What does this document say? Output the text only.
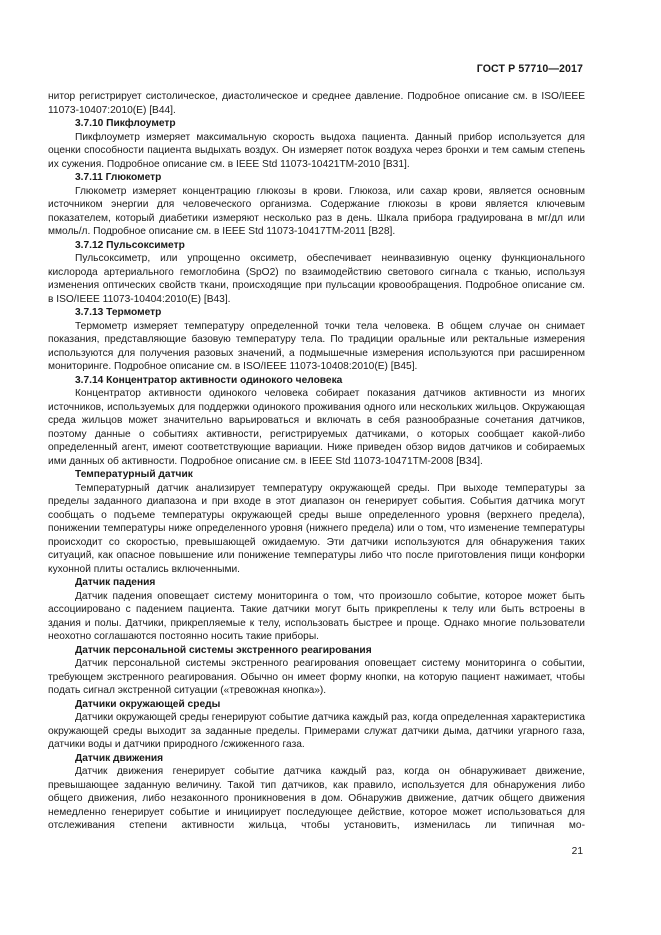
ГОСТ Р 57710—2017

нитор регистрирует систолическое, диастолическое и среднее давление. Подробное описание см. в ISO/IEEE 11073-10407:2010(E) [B44].

3.7.10 Пикфлоуметр

Пикфлоуметр измеряет максимальную скорость выдоха пациента. Данный прибор используется для оценки способности пациента выдыхать воздух. Он измеряет поток воздуха через бронхи и тем самым степень их сужения. Подробное описание см. в IEEE Std 11073-10421TM-2010 [B31].

3.7.11 Глюкометр

Глюкометр измеряет концентрацию глюкозы в крови. Глюкоза, или сахар крови, является основным источником энергии для человеческого организма. Содержание глюкозы в крови является ключевым показателем, который диабетики измеряют несколько раз в день. Шкала прибора градуирована в мг/дл или ммоль/л. Подробное описание см. в IEEE Std 11073-10417TM-2011 [B28].

3.7.12 Пульсоксиметр

Пульсоксиметр, или упрощенно оксиметр, обеспечивает неинвазивную оценку функционального кислорода артериального гемоглобина (SpO2) по взаимодействию светового сигнала с тканью, используя изменения оптических свойств ткани, происходящие при пульсации кровообращения. Подробное описание см. в ISO/IEEE 11073-10404:2010(E) [B43].

3.7.13 Термометр

Термометр измеряет температуру определенной точки тела человека. В общем случае он снимает показания, представляющие базовую температуру тела. По традиции оральные или ректальные измерения используются для получения разовых значений, а подмышечные измерения используются при расширенном мониторинге. Подробное описание см. в ISO/IEEE 11073-10408:2010(E) [B45].

3.7.14 Концентратор активности одинокого человека

Концентратор активности одинокого человека собирает показания датчиков активности из многих источников, используемых для поддержки одинокого проживания одного или нескольких жильцов. Окружающая среда жильцов может значительно варьироваться и включать в себя разнообразные сочетания датчиков, поэтому данные о событиях активности, регистрируемых датчиками, о которых сообщает какой-либо определенный агент, имеют соответствующие вариации. Ниже приведен обзор видов датчиков и собираемых ими данных об активности. Подробное описание см. в IEEE Std 11073-10471TM-2008 [B34].

Температурный датчик

Температурный датчик анализирует температуру окружающей среды. При выходе температуры за пределы заданного диапазона и при входе в этот диапазон он генерирует события. События датчика могут сообщать о подъеме температуры окружающей среды выше определенного уровня (верхнего предела), понижении температуры ниже определенного уровня (нижнего предела) или о том, что изменение температуры происходит со скоростью, превышающей ожидаемую. Эти датчики используются для обнаружения таких ситуаций, как опасное повышение или понижение температуры либо что после приготовления пищи конфорки кухонной плиты остались включенными.

Датчик падения

Датчик падения оповещает систему мониторинга о том, что произошло событие, которое может быть ассоциировано с падением пациента. Такие датчики могут быть прикреплены к телу или быть встроены в здания и полы. Датчики, прикрепляемые к телу, использовать быстрее и проще. Однако многие пользователи неохотно соглашаются постоянно носить такие приборы.

Датчик персональной системы экстренного реагирования

Датчик персональной системы экстренного реагирования оповещает систему мониторинга о событии, требующем экстренного реагирования. Обычно он имеет форму кнопки, на которую пациент нажимает, чтобы подать сигнал экстренной ситуации («тревожная кнопка»).

Датчики окружающей среды

Датчики окружающей среды генерируют событие датчика каждый раз, когда определенная характеристика окружающей среды выходит за заданные пределы. Примерами служат датчики дыма, датчики угарного газа, датчики воды и датчики природного /сжиженного газа.

Датчик движения

Датчик движения генерирует событие датчика каждый раз, когда он обнаруживает движение, превышающее заданную величину. Такой тип датчиков, как правило, используется для обнаружения либо общего движения, либо незаконного проникновения в дом. Обнаружив движение, датчик общего движения немедленно генерирует событие и инициирует последующее действие, которое может использоваться для отслеживания степени активности жильца, чтобы установить, изменилась ли типичная мо-

21
